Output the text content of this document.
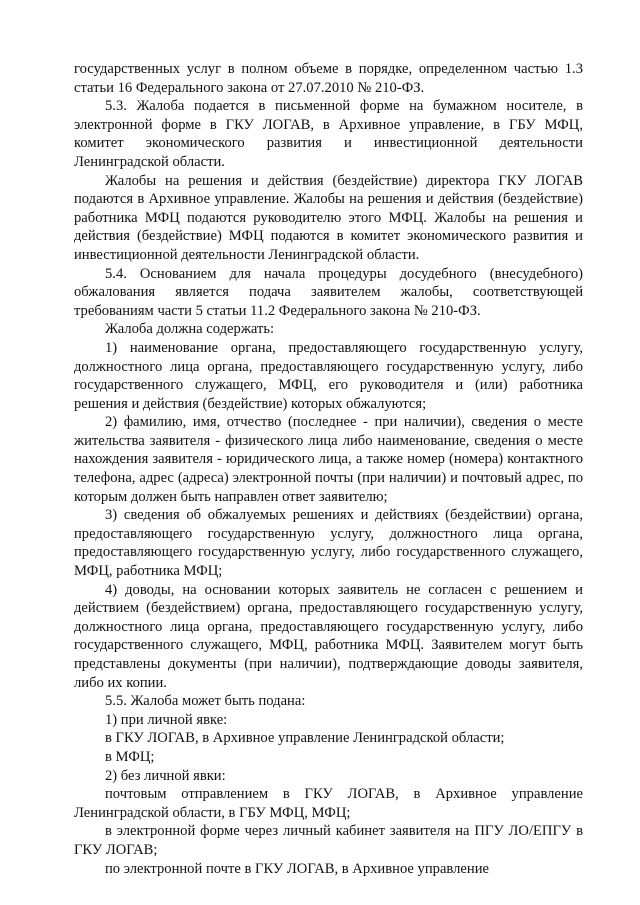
государственных услуг в полном объеме в порядке, определенном частью 1.3 статьи 16 Федерального закона от 27.07.2010 № 210-ФЗ.

5.3. Жалоба подается в письменной форме на бумажном носителе, в электронной форме в ГКУ ЛОГАВ, в Архивное управление, в ГБУ МФЦ, комитет экономического развития и инвестиционной деятельности Ленинградской области.

Жалобы на решения и действия (бездействие) директора ГКУ ЛОГАВ подаются в Архивное управление. Жалобы на решения и действия (бездействие) работника МФЦ подаются руководителю этого МФЦ. Жалобы на решения и действия (бездействие) МФЦ подаются в комитет экономического развития и инвестиционной деятельности Ленинградской области.

5.4. Основанием для начала процедуры досудебного (внесудебного) обжалования является подача заявителем жалобы, соответствующей требованиям части 5 статьи 11.2 Федерального закона № 210-ФЗ.

Жалоба должна содержать:

1) наименование органа, предоставляющего государственную услугу, должностного лица органа, предоставляющего государственную услугу, либо государственного служащего, МФЦ, его руководителя и (или) работника решения и действия (бездействие) которых обжалуются;

2) фамилию, имя, отчество (последнее - при наличии), сведения о месте жительства заявителя - физического лица либо наименование, сведения о месте нахождения заявителя - юридического лица, а также номер (номера) контактного телефона, адрес (адреса) электронной почты (при наличии) и почтовый адрес, по которым должен быть направлен ответ заявителю;

3) сведения об обжалуемых решениях и действиях (бездействии) органа, предоставляющего государственную услугу, должностного лица органа, предоставляющего государственную услугу, либо государственного служащего, МФЦ, работника МФЦ;

4) доводы, на основании которых заявитель не согласен с решением и действием (бездействием) органа, предоставляющего государственную услугу, должностного лица органа, предоставляющего государственную услугу, либо государственного служащего, МФЦ, работника МФЦ. Заявителем могут быть представлены документы (при наличии), подтверждающие доводы заявителя, либо их копии.

5.5. Жалоба может быть подана:

1) при личной явке:

в ГКУ ЛОГАВ, в Архивное управление Ленинградской области;

в МФЦ;

2) без личной явки:

почтовым отправлением в ГКУ ЛОГАВ, в Архивное управление Ленинградской области, в ГБУ МФЦ, МФЦ;

в электронной форме через личный кабинет заявителя на ПГУ ЛО/ЕПГУ в ГКУ ЛОГАВ;

по электронной почте в ГКУ ЛОГАВ, в Архивное управление
